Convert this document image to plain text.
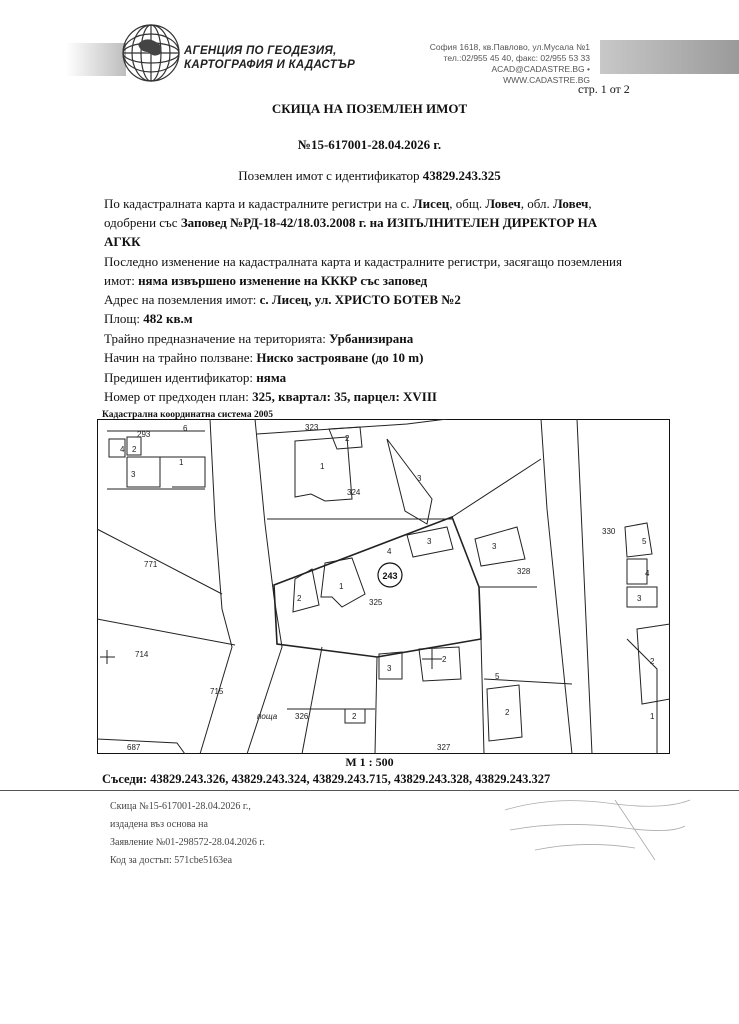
АГЕНЦИЯ ПО ГЕОДЕЗИЯ,
КАРТОГРАФИЯ И КАДАСТЪР
София 1618, кв.Павлово, ул.Мусала №1
тел.:02/955 45 40, факс: 02/955 53 33
ACAD@CADASTRE.BG • WWW.CADASTRE.BG
стр. 1 от 2
СКИЦА НА ПОЗЕМЛЕН ИМОТ
№15-617001-28.04.2026 г.
Поземлен имот с идентификатор 43829.243.325
По кадастралната карта и кадастралните регистри на с. Лисец, общ. Ловеч, обл. Ловеч,
одобрени със Заповед №РД-18-42/18.03.2008 г. на ИЗПЪЛНИТЕЛЕН ДИРЕКТОР НА
АГКК
Последно изменение на кадастралната карта и кадастралните регистри, засягащо поземления
имот: няма извършено изменение на КККР със заповед
Адрес на поземления имот: с. Лисец, ул. ХРИСТО БОТЕВ №2
Площ: 482 кв.м
Трайно предназначение на територията: Урбанизирана
Начин на трайно ползване: Ниско застрояване (до 10 m)
Предишен идентификатор: няма
Номер от предходен план: 325, квартал: 35, парцел: XVIII
Кадастрална координатна система 2005
293
6	323
324
330
771
714
715
687
326
327
328
325
поща
4 2
3
1	1
2
3
1
2
4
3
3
3
2
5
2
2
5
4
3
2
1
243
М 1 : 500
Съседи: 43829.243.326, 43829.243.324, 43829.243.715, 43829.243.328, 43829.243.327
Скица №15-617001-28.04.2026 г.,
издадена въз основа на
Заявление №01-298572-28.04.2026 г.
Код за достъп: 571cbe5163ea
